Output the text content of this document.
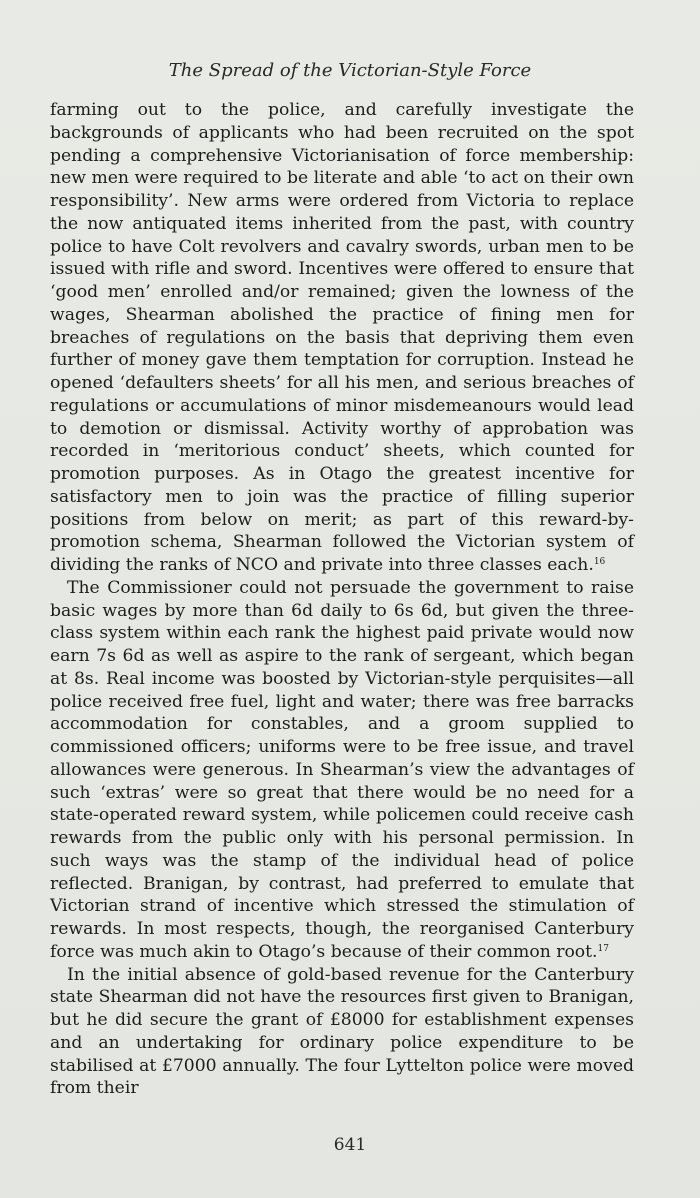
The Spread of the Victorian-Style Force

farming out to the police, and carefully investigate the backgrounds of applicants who had been recruited on the spot pending a comprehensive Victorianisation of force membership: new men were required to be literate and able ‘to act on their own responsibility’. New arms were ordered from Victoria to replace the now antiquated items inherited from the past, with country police to have Colt revolvers and cavalry swords, urban men to be issued with rifle and sword. Incentives were offered to ensure that ‘good men’ enrolled and/or remained; given the lowness of the wages, Shearman abolished the practice of fining men for breaches of regulations on the basis that depriving them even further of money gave them temptation for corruption. Instead he opened ‘defaulters sheets’ for all his men, and serious breaches of regulations or accumulations of minor misdemeanours would lead to demotion or dismissal. Activity worthy of approbation was recorded in ‘meritorious conduct’ sheets, which counted for promotion purposes. As in Otago the greatest incentive for satisfactory men to join was the practice of filling superior positions from below on merit; as part of this reward-by-promotion schema, Shearman followed the Victorian system of dividing the ranks of NCO and private into three classes each.$^{16}$

The Commissioner could not persuade the government to raise basic wages by more than 6d daily to 6s 6d, but given the three-class system within each rank the highest paid private would now earn 7s 6d as well as aspire to the rank of sergeant, which began at 8s. Real income was boosted by Victorian-style perquisites—all police received free fuel, light and water; there was free barracks accommodation for constables, and a groom supplied to commissioned officers; uniforms were to be free issue, and travel allowances were generous. In Shearman’s view the advantages of such ‘extras’ were so great that there would be no need for a state-operated reward system, while policemen could receive cash rewards from the public only with his personal permission. In such ways was the stamp of the individual head of police reflected. Branigan, by contrast, had preferred to emulate that Victorian strand of incentive which stressed the stimulation of rewards. In most respects, though, the reorganised Canterbury force was much akin to Otago’s because of their common root.$^{17}$

In the initial absence of gold-based revenue for the Canterbury state Shearman did not have the resources first given to Branigan, but he did secure the grant of £8000 for establishment expenses and an undertaking for ordinary police expenditure to be stabilised at £7000 annually. The four Lyttelton police were moved from their

641
